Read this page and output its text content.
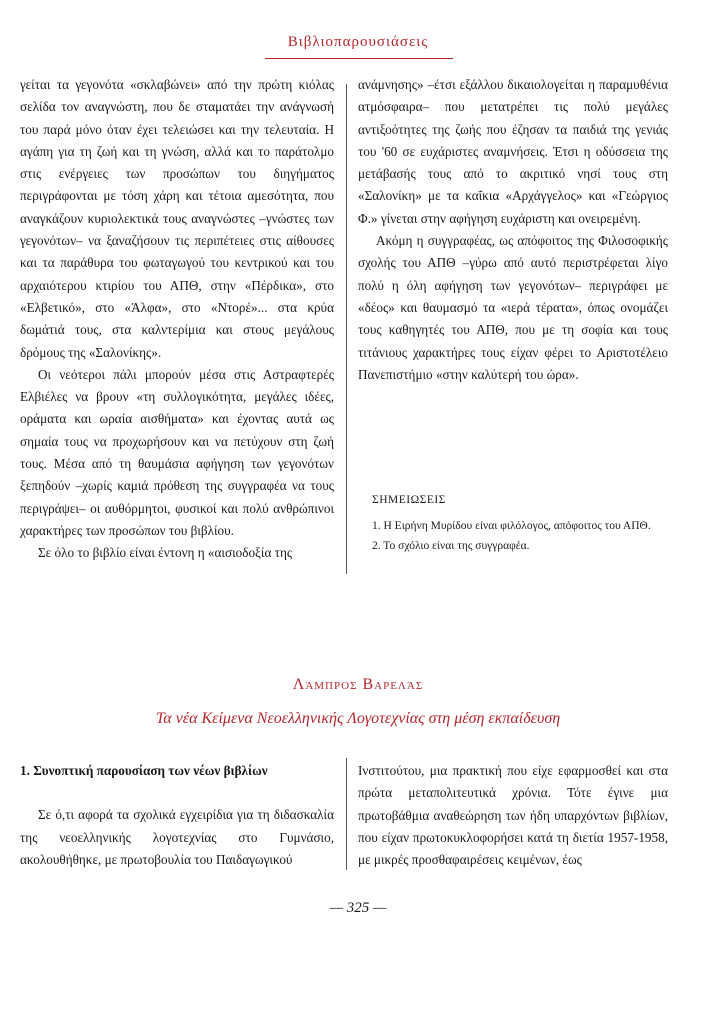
Βιβλιοπαρουσιάσεις

γείται τα γεγονότα «σκλαβώνει» από την πρώτη κιόλας σελίδα τον αναγνώστη, που δε σταματάει την ανάγνωσή του παρά μόνο όταν έχει τελειώσει και την τελευταία. Η αγάπη για τη ζωή και τη γνώση, αλλά και το παράτολμο στις ενέργειες των προσώπων του διηγήματος περιγράφονται με τόση χάρη και τέτοια αμεσότητα, που αναγκάζουν κυριολεκτικά τους αναγνώστες –γνώστες των γεγονότων– να ξαναζήσουν τις περιπέτειες στις αίθουσες και τα παράθυρα του φωταγωγού του κεντρικού και του αρχαιότερου κτιρίου του ΑΠΘ, στην «Πέρδικα», στο «Ελβετικό», στο «Άλφα», στο «Ντορέ»... στα κρύα δωμάτιά τους, στα καλντερίμια και στους μεγάλους δρόμους της «Σαλονίκης».

Οι νεότεροι πάλι μπορούν μέσα στις Αστραφτερές Ελβιέλες να βρουν «τη συλλογικότητα, μεγάλες ιδέες, οράματα και ωραία αισθήματα» και έχοντας αυτά ως σημαία τους να προχωρήσουν και να πετύχουν στη ζωή τους. Μέσα από τη θαυμάσια αφήγηση των γεγονότων ξεπηδούν –χωρίς καμιά πρόθεση της συγγραφέα να τους περιγράψει– οι αυθόρμητοι, φυσικοί και πολύ ανθρώπινοι χαρακτήρες των προσώπων του βιβλίου.

Σε όλο το βιβλίο είναι έντονη η «αισιοδοξία της

ανάμνησης» –έτσι εξάλλου δικαιολογείται η παραμυθένια ατμόσφαιρα– που μετατρέπει τις πολύ μεγάλες αντιξοότητες της ζωής που έζησαν τα παιδιά της γενιάς του '60 σε ευχάριστες αναμνήσεις. Έτσι η οδύσσεια της μετάβασής τους από το ακριτικό νησί τους στη «Σαλονίκη» με τα καΐκια «Αρχάγγελος» και «Γεώργιος Φ.» γίνεται στην αφήγηση ευχάριστη και ονειρεμένη.

Ακόμη η συγγραφέας, ως απόφοιτος της Φιλοσοφικής σχολής του ΑΠΘ –γύρω από αυτό περιστρέφεται λίγο πολύ η όλη αφήγηση των γεγονότων– περιγράφει με «δέος» και θαυμασμό τα «ιερά τέρατα», όπως ονομάζει τους καθηγητές του ΑΠΘ, που με τη σοφία και τους τιτάνιους χαρακτήρες τους είχαν φέρει το Αριστοτέλειο Πανεπιστήμιο «στην καλύτερή του ώρα».

ΣΗΜΕΙΩΣΕΙΣ

1. Η Ειρήνη Μυρίδου είναι φιλόλογος, απόφοιτος του ΑΠΘ.

2. Το σχόλιο είναι της συγγραφέα.

Λάμπρος Βαρελάς
Τα νέα Κείμενα Νεοελληνικής Λογοτεχνίας στη μέση εκπαίδευση

1. Συνοπτική παρουσίαση των νέων βιβλίων

Σε ό,τι αφορά τα σχολικά εγχειρίδια για τη διδασκαλία της νεοελληνικής λογοτεχνίας στο Γυμνάσιο, ακολουθήθηκε, με πρωτοβουλία του Παιδαγωγικού

Ινστιτούτου, μια πρακτική που είχε εφαρμοσθεί και στα πρώτα μεταπολιτευτικά χρόνια. Τότε έγινε μια πρωτοβάθμια αναθεώρηση των ήδη υπαρχόντων βιβλίων, που είχαν πρωτοκυκλοφορήσει κατά τη διετία 1957-1958, με μικρές προσθαφαιρέσεις κειμένων, έως

— 325 —
